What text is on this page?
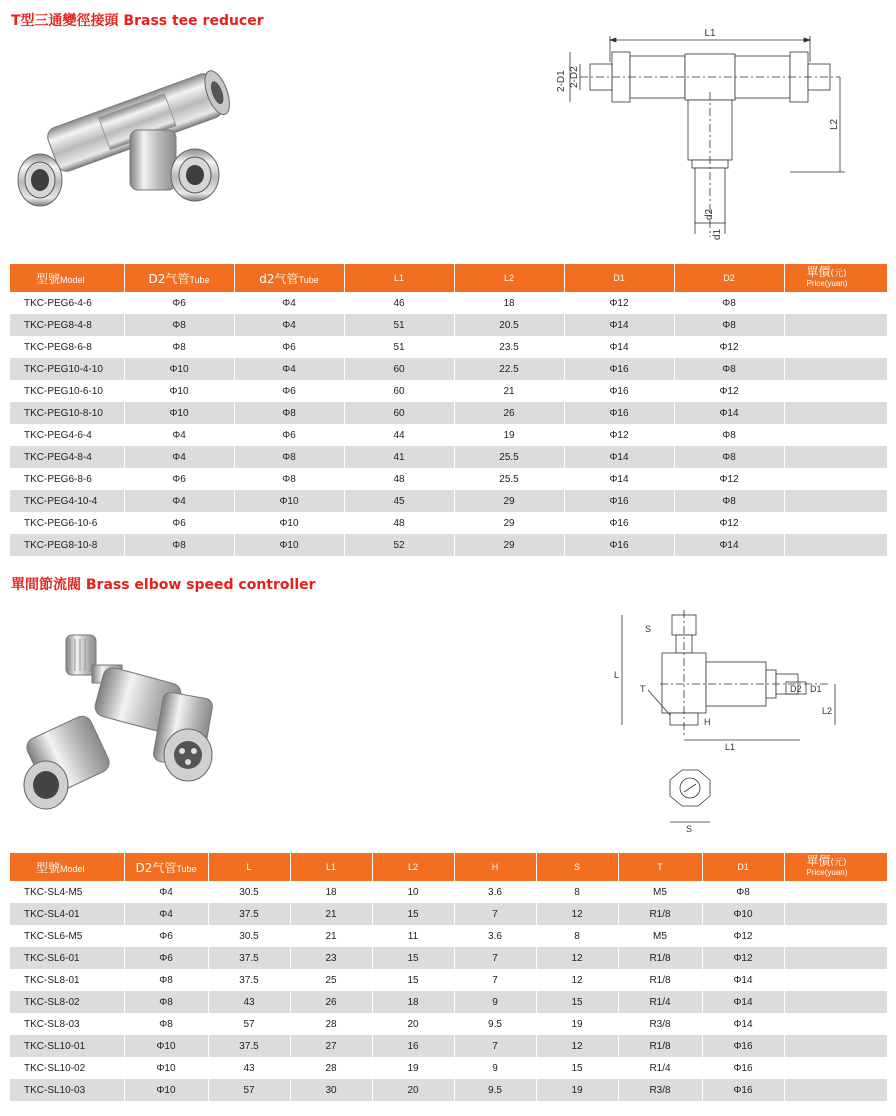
T型三通變徑接頭 Brass tee reducer
L1
2-D1 2-D2
L2
d1
d2
型號Model	D2气管Tube	d2气管Tube	L1	L2	D1	D2	單價(元)
Price(yuan)

TKC-PEG6-4-6	Φ6	Φ4	46	18	Φ12	Φ8	
TKC-PEG8-4-8	Φ8	Φ4	51	20.5	Φ14	Φ8	
TKC-PEG8-6-8	Φ8	Φ6	51	23.5	Φ14	Φ12	
TKC-PEG10-4-10	Φ10	Φ4	60	22.5	Φ16	Φ8	
TKC-PEG10-6-10	Φ10	Φ6	60	21	Φ16	Φ12	
TKC-PEG10-8-10	Φ10	Φ8	60	26	Φ16	Φ14	
TKC-PEG4-6-4	Φ4	Φ6	44	19	Φ12	Φ8	
TKC-PEG4-8-4	Φ4	Φ8	41	25.5	Φ14	Φ8	
TKC-PEG6-8-6	Φ6	Φ8	48	25.5	Φ14	Φ12	
TKC-PEG4-10-4	Φ4	Φ10	45	29	Φ16	Φ8	
TKC-PEG6-10-6	Φ6	Φ10	48	29	Φ16	Φ12	
TKC-PEG8-10-8	Φ8	Φ10	52	29	Φ16	Φ14	
單間節流閥 Brass elbow speed controller
S
L
T
H
L1
D2 D1
L2
S
型號Model	D2气管Tube	L	L1	L2	H	S	T	D1	單價(元)
Price(yuan)

TKC-SL4-M5	Φ4	30.5	18	10	3.6	8	M5	Φ8	
TKC-SL4-01	Φ4	37.5	21	15	7	12	R1/8	Φ10	
TKC-SL6-M5	Φ6	30.5	21	11	3.6	8	M5	Φ12	
TKC-SL6-01	Φ6	37.5	23	15	7	12	R1/8	Φ12	
TKC-SL8-01	Φ8	37.5	25	15	7	12	R1/8	Φ14	
TKC-SL8-02	Φ8	43	26	18	9	15	R1/4	Φ14	
TKC-SL8-03	Φ8	57	28	20	9.5	19	R3/8	Φ14	
TKC-SL10-01	Φ10	37.5	27	16	7	12	R1/8	Φ16	
TKC-SL10-02	Φ10	43	28	19	9	15	R1/4	Φ16	
TKC-SL10-03	Φ10	57	30	20	9.5	19	R3/8	Φ16	
